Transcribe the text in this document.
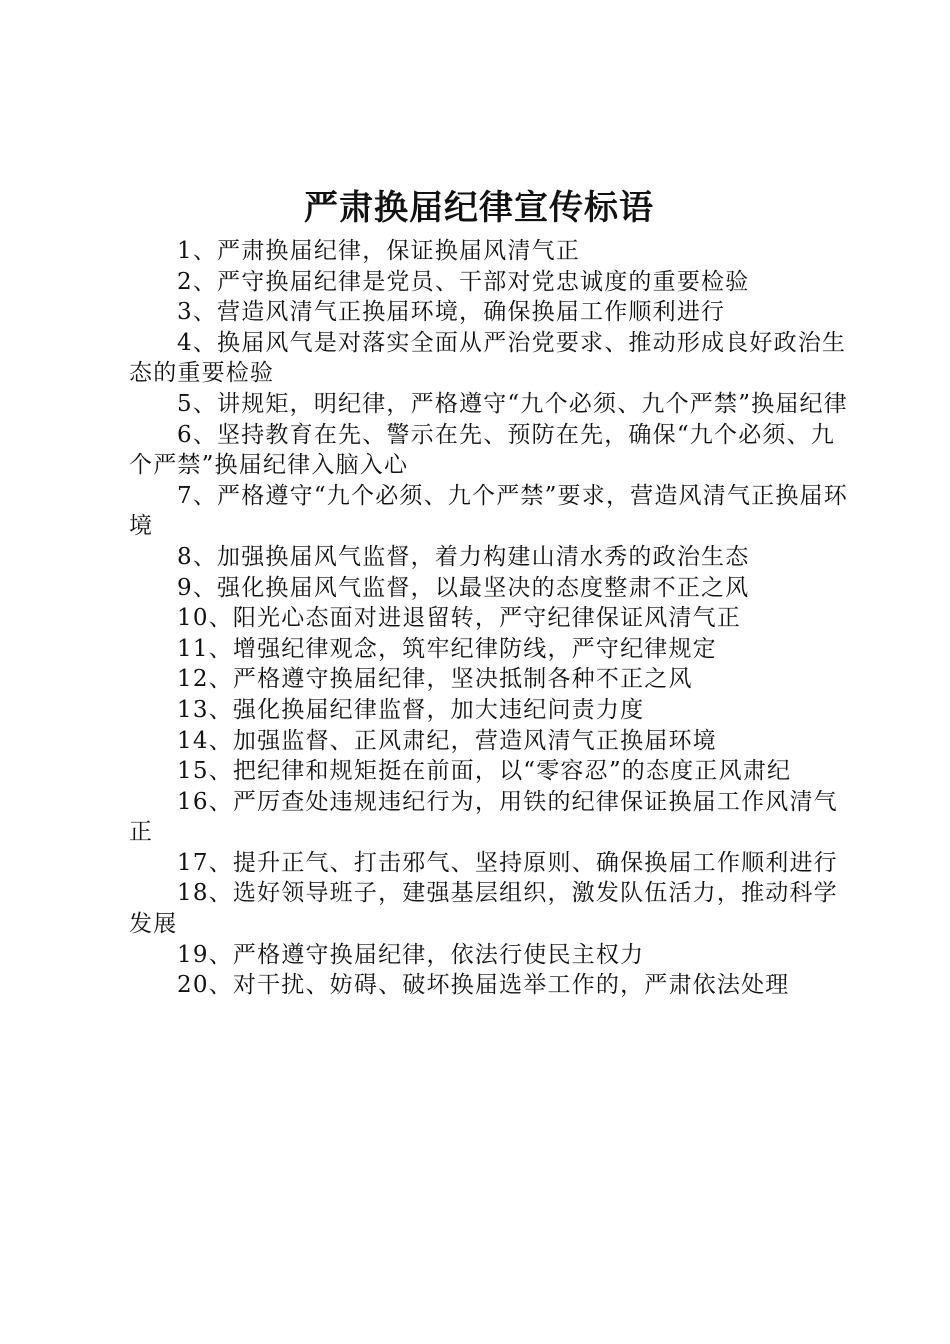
严肃换届纪律宣传标语
1、严肃换届纪律，保证换届风清气正
2、严守换届纪律是党员、干部对党忠诚度的重要检验
3、营造风清气正换届环境，确保换届工作顺利进行
4、换届风气是对落实全面从严治党要求、推动形成良好政治生态的重要检验
5、讲规矩，明纪律，严格遵守“九个必须、九个严禁”换届纪律
6、坚持教育在先、警示在先、预防在先，确保“九个必须、九个严禁”换届纪律入脑入心
7、严格遵守“九个必须、九个严禁”要求，营造风清气正换届环境
8、加强换届风气监督，着力构建山清水秀的政治生态
9、强化换届风气监督，以最坚决的态度整肃不正之风
10、阳光心态面对进退留转，严守纪律保证风清气正
11、增强纪律观念，筑牢纪律防线，严守纪律规定
12、严格遵守换届纪律，坚决抵制各种不正之风
13、强化换届纪律监督，加大违纪问责力度
14、加强监督、正风肃纪，营造风清气正换届环境
15、把纪律和规矩挺在前面，以“零容忍”的态度正风肃纪
16、严厉查处违规违纪行为，用铁的纪律保证换届工作风清气正
17、提升正气、打击邪气、坚持原则、确保换届工作顺利进行
18、选好领导班子，建强基层组织，激发队伍活力，推动科学发展
19、严格遵守换届纪律，依法行使民主权力
20、对干扰、妨碍、破坏换届选举工作的，严肃依法处理
